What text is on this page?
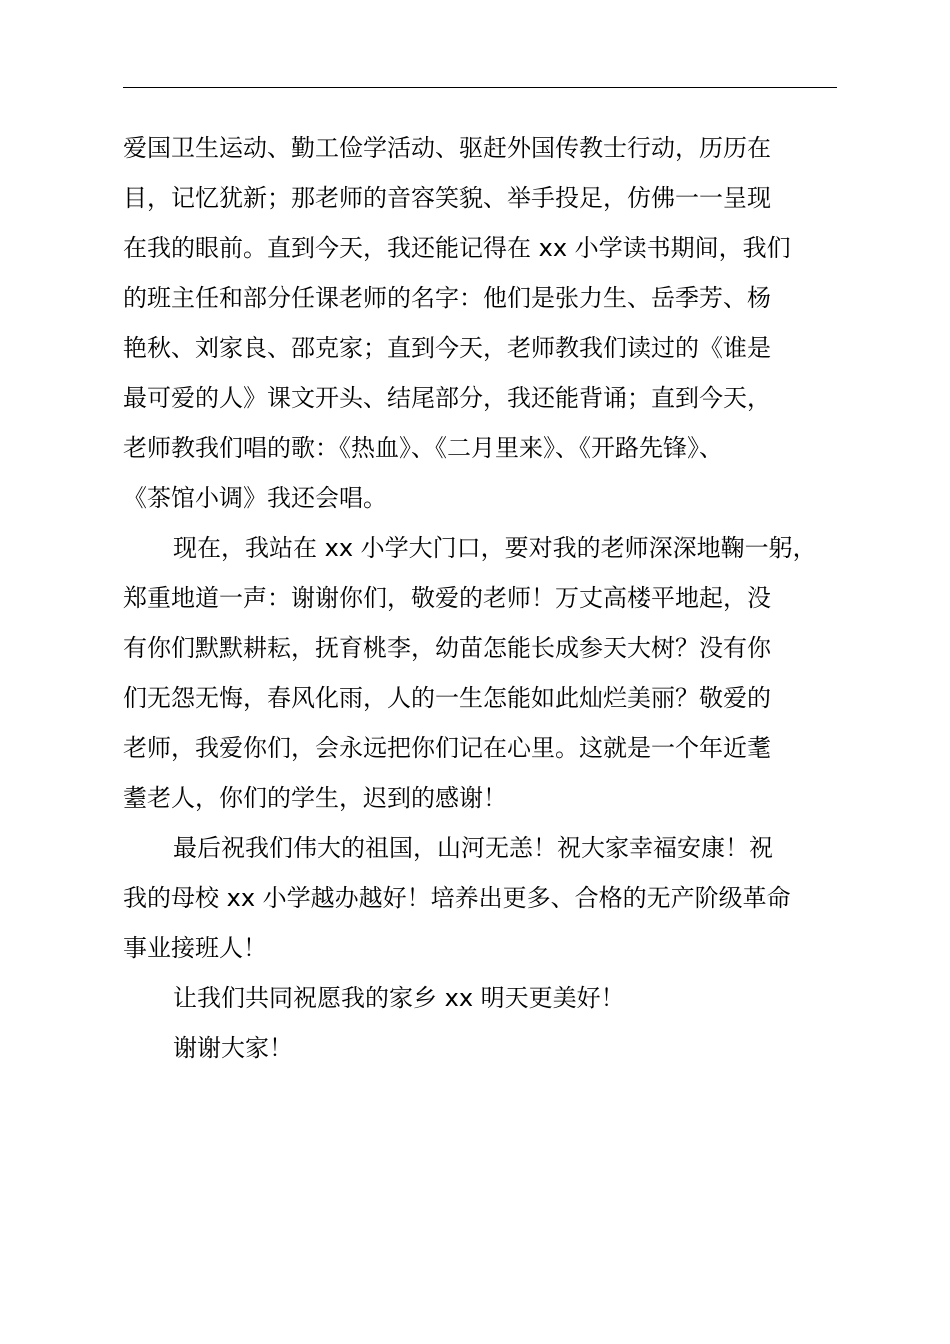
爱国卫生运动、勤工俭学活动、驱赶外国传教士行动，历历在
目，记忆犹新；那老师的音容笑貌、举手投足，仿佛一一呈现
在我的眼前。直到今天，我还能记得在 xx 小学读书期间，我们
的班主任和部分任课老师的名字：他们是张力生、岳季芳、杨
艳秋、刘家良、邵克家；直到今天，老师教我们读过的《谁是
最可爱的人》课文开头、结尾部分，我还能背诵；直到今天，
老师教我们唱的歌：《热血》、《二月里来》、《开路先锋》、
《茶馆小调》我还会唱。
现在，我站在 xx 小学大门口，要对我的老师深深地鞠一躬，
郑重地道一声：谢谢你们，敬爱的老师！万丈高楼平地起，没
有你们默默耕耘，抚育桃李，幼苗怎能长成参天大树？没有你
们无怨无悔，春风化雨，人的一生怎能如此灿烂美丽？敬爱的
老师，我爱你们，会永远把你们记在心里。这就是一个年近耄
耋老人，你们的学生，迟到的感谢！
最后祝我们伟大的祖国，山河无恙！祝大家幸福安康！祝
我的母校 xx 小学越办越好！培养出更多、合格的无产阶级革命
事业接班人！
让我们共同祝愿我的家乡 xx 明天更美好！
谢谢大家！
